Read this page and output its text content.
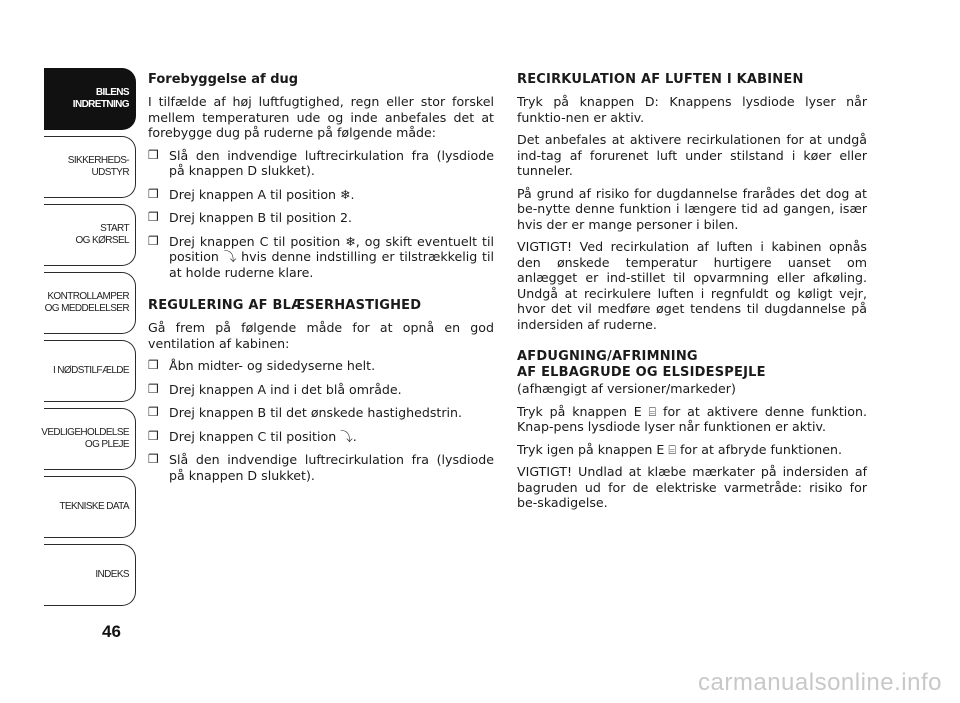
BILENS
INDRETNING
SIKKERHEDS-
UDSTYR
START
OG KØRSEL
KONTROLLAMPER
OG MEDDELELSER
I NØDSTILFÆLDE
VEDLIGEHOLDELSE
OG PLEJE
TEKNISKE DATA
INDEKS
46
Forebyggelse af dug

I tilfælde af høj luftfugtighed, regn eller stor forskel mellem temperaturen ude og inde anbefales det at forebygge dug på ruderne på følgende måde:

❒ Slå den indvendige luftrecirkulation fra (lysdiode på knappen D slukket).
❒ Drej knappen A til position ❄.
❒ Drej knappen B til position 2.
❒ Drej knappen C til position ❄, og skift eventuelt til position ⤵ hvis denne indstilling er tilstrækkelig til at holde ruderne klare.
REGULERING AF BLÆSERHASTIGHED

Gå frem på følgende måde for at opnå en god ventilation af kabinen:

❒ Åbn midter- og sidedyserne helt.
❒ Drej knappen A ind i det blå område.
❒ Drej knappen B til det ønskede hastighedstrin.
❒ Drej knappen C til position ⤵.
❒ Slå den indvendige luftrecirkulation fra (lysdiode på knappen D slukket).
RECIRKULATION AF LUFTEN I KABINEN

Tryk på knappen D: Knappens lysdiode lyser når funktio-nen er aktiv.

Det anbefales at aktivere recirkulationen for at undgå ind-tag af forurenet luft under stilstand i køer eller tunneler.

På grund af risiko for dugdannelse frarådes det dog at be-nytte denne funktion i længere tid ad gangen, især hvis der er mange personer i bilen.

VIGTIGT! Ved recirkulation af luften i kabinen opnås den ønskede temperatur hurtigere uanset om anlægget er ind-stillet til opvarmning eller afkøling. Undgå at recirkulere luften i regnfuldt og køligt vejr, hvor det vil medføre øget tendens til dugdannelse på indersiden af ruderne.

AFDUGNING/AFRIMNING
AF ELBAGRUDE OG ELSIDESPEJLE

(afhængigt af versioner/markeder)

Tryk på knappen E ⌸ for at aktivere denne funktion. Knap-pens lysdiode lyser når funktionen er aktiv.

Tryk igen på knappen E ⌸ for at afbryde funktionen.

VIGTIGT! Undlad at klæbe mærkater på indersiden af bagruden ud for de elektriske varmetråde: risiko for be-skadigelse.

carmanualsonline.info
